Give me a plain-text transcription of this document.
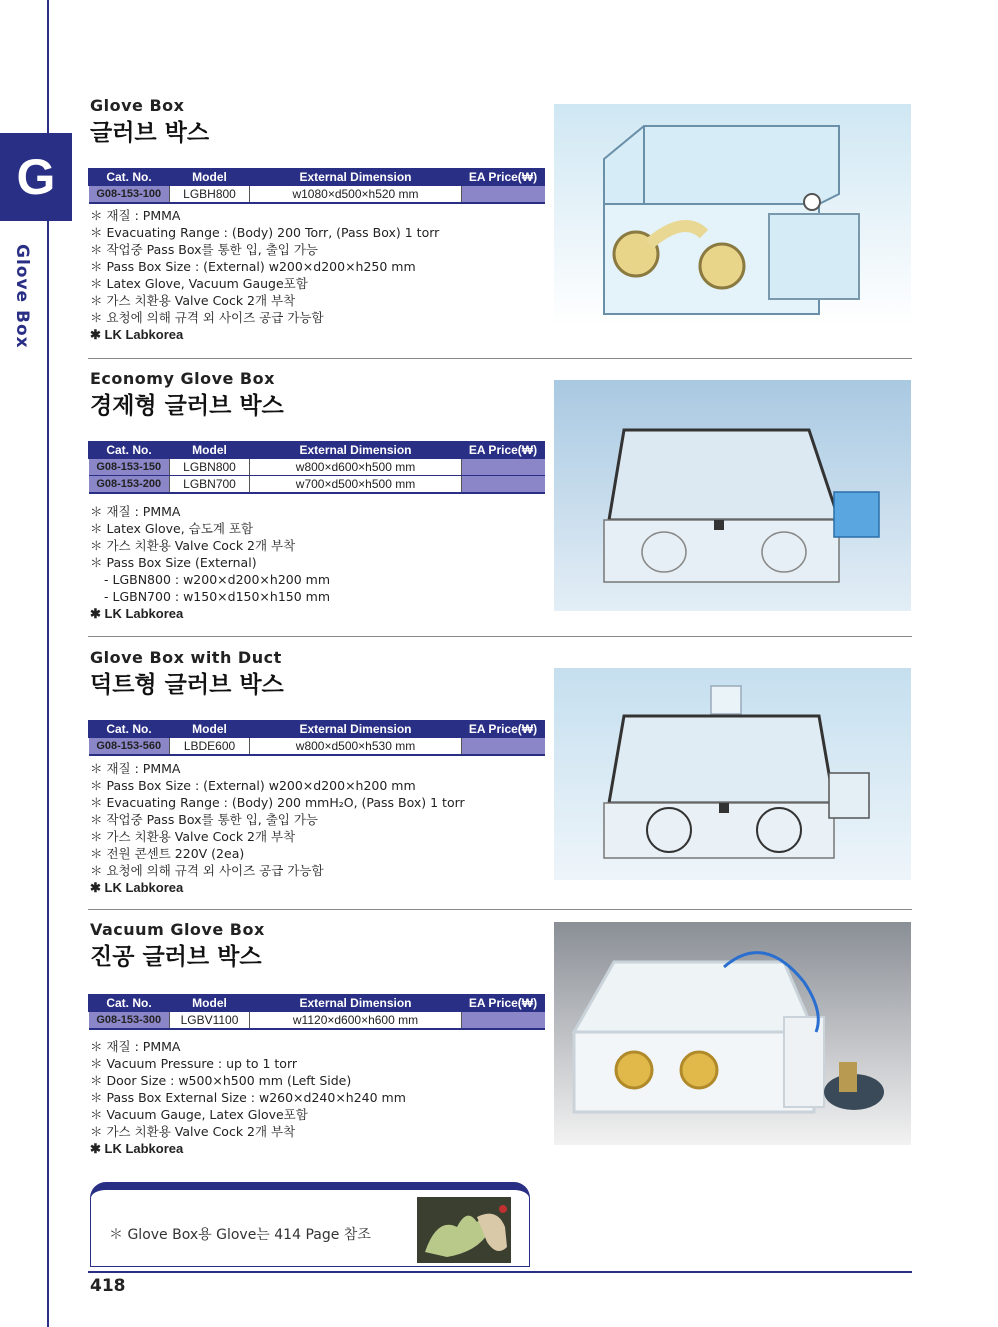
G
Glove Box
Glove Box
글러브 박스
Cat. No.	Model	External Dimension	EA Price(₩)
G08-153-100	LGBH800	w1080×d500×h520 mm	
＊ 재질 : PMMA
＊ Evacuating Range : (Body) 200 Torr, (Pass Box) 1 torr
＊ 작업중 Pass Box를 통한 입, 출입 가능
＊ Pass Box Size : (External) w200×d200×h250 mm
＊ Latex Glove, Vacuum Gauge포함
＊ 가스 치환용 Valve Cock 2개 부착
＊ 요청에 의해 규격 외 사이즈 공급 가능함
✱ LK Labkorea
Economy Glove Box
경제형 글러브 박스
Cat. No.	Model	External Dimension	EA Price(₩)
G08-153-150	LGBN800	w800×d600×h500 mm	
G08-153-200	LGBN700	w700×d500×h500 mm	
＊ 재질 : PMMA
＊ Latex Glove, 습도계 포함
＊ 가스 치환용 Valve Cock 2개 부착
＊ Pass Box Size (External)
- LGBN800 : w200×d200×h200 mm
- LGBN700 : w150×d150×h150 mm
✱ LK Labkorea
Glove Box with Duct
덕트형 글러브 박스
Cat. No.	Model	External Dimension	EA Price(₩)
G08-153-560	LBDE600	w800×d500×h530 mm	
＊ 재질 : PMMA
＊ Pass Box Size : (External) w200×d200×h200 mm
＊ Evacuating Range : (Body) 200 mmH₂O, (Pass Box) 1 torr
＊ 작업중 Pass Box를 통한 입, 출입 가능
＊ 가스 치환용 Valve Cock 2개 부착
＊ 전원 콘센트 220V (2ea)
＊ 요청에 의해 규격 외 사이즈 공급 가능함
✱ LK Labkorea
Vacuum Glove Box
진공 글러브 박스
Cat. No.	Model	External Dimension	EA Price(₩)
G08-153-300	LGBV1100	w1120×d600×h600 mm	
＊ 재질 : PMMA
＊ Vacuum Pressure : up to 1 torr
＊ Door Size : w500×h500 mm (Left Side)
＊ Pass Box External Size : w260×d240×h240 mm
＊ Vacuum Gauge, Latex Glove포함
＊ 가스 치환용 Valve Cock 2개 부착
✱ LK Labkorea
＊ Glove Box용 Glove는 414 Page 참조
418
